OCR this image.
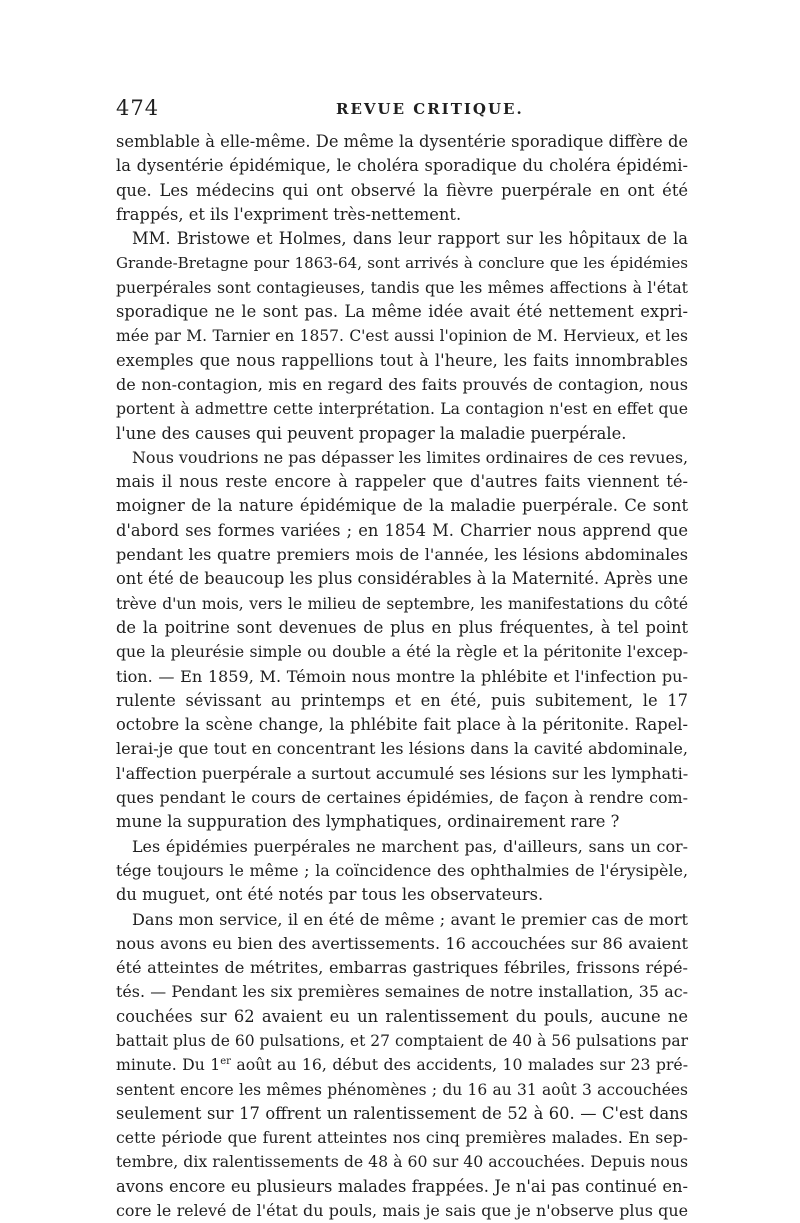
474	REVUE CRITIQUE.
semblable à elle-même. De même la dysentérie sporadique diffère de
la dysentérie épidémique, le choléra sporadique du choléra épidémi-
que. Les médecins qui ont observé la fièvre puerpérale en ont été
frappés, et ils l'expriment très-nettement.
MM. Bristowe et Holmes, dans leur rapport sur les hôpitaux de la
Grande-Bretagne pour 1863-64, sont arrivés à conclure que les épidémies
puerpérales sont contagieuses, tandis que les mêmes affections à l'état
sporadique ne le sont pas. La même idée avait été nettement expri-
mée par M. Tarnier en 1857. C'est aussi l'opinion de M. Hervieux, et les
exemples que nous rappellions tout à l'heure, les faits innombrables
de non-contagion, mis en regard des faits prouvés de contagion, nous
portent à admettre cette interprétation. La contagion n'est en effet que
l'une des causes qui peuvent propager la maladie puerpérale.
Nous voudrions ne pas dépasser les limites ordinaires de ces revues,
mais il nous reste encore à rappeler que d'autres faits viennent té-
moigner de la nature épidémique de la maladie puerpérale. Ce sont
d'abord ses formes variées ; en 1854 M. Charrier nous apprend que
pendant les quatre premiers mois de l'année, les lésions abdominales
ont été de beaucoup les plus considérables à la Maternité. Après une
trève d'un mois, vers le milieu de septembre, les manifestations du côté
de la poitrine sont devenues de plus en plus fréquentes, à tel point
que la pleurésie simple ou double a été la règle et la péritonite l'excep-
tion. — En 1859, M. Témoin nous montre la phlébite et l'infection pu-
rulente sévissant au printemps et en été, puis subitement, le 17
octobre la scène change, la phlébite fait place à la péritonite. Rapel-
lerai-je que tout en concentrant les lésions dans la cavité abdominale,
l'affection puerpérale a surtout accumulé ses lésions sur les lymphati-
ques pendant le cours de certaines épidémies, de façon à rendre com-
mune la suppuration des lymphatiques, ordinairement rare ?
Les épidémies puerpérales ne marchent pas, d'ailleurs, sans un cor-
tége toujours le même ; la coïncidence des ophthalmies de l'érysipèle,
du muguet, ont été notés par tous les observateurs.
Dans mon service, il en été de même ; avant le premier cas de mort
nous avons eu bien des avertissements. 16 accouchées sur 86 avaient
été atteintes de métrites, embarras gastriques fébriles, frissons répé-
tés. — Pendant les six premières semaines de notre installation, 35 ac-
couchées sur 62 avaient eu un ralentissement du pouls, aucune ne
battait plus de 60 pulsations, et 27 comptaient de 40 à 56 pulsations par
minute. Du 1er août au 16, début des accidents, 10 malades sur 23 pré-
sentent encore les mêmes phénomènes ; du 16 au 31 août 3 accouchées
seulement sur 17 offrent un ralentissement de 52 à 60. — C'est dans
cette période que furent atteintes nos cinq premières malades. En sep-
tembre, dix ralentissements de 48 à 60 sur 40 accouchées. Depuis nous
avons encore eu plusieurs malades frappées. Je n'ai pas continué en-
core le relevé de l'état du pouls, mais je sais que je n'observe plus que
